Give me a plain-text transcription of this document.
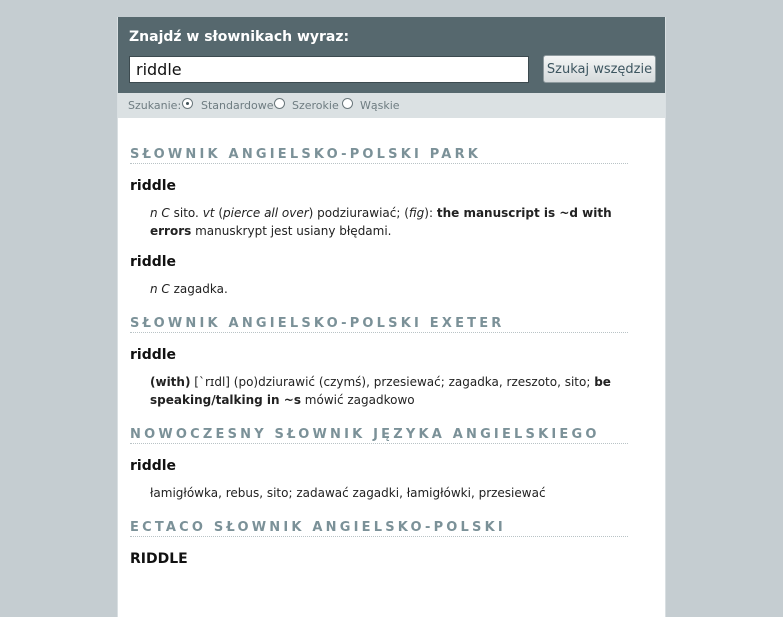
Znajdź w słownikach wyraz:
riddle
Szukaj wszędzie
Szukanie: Standardowe Szerokie Wąskie
SŁOWNIK ANGIELSKO-POLSKI PARK
riddle
n C sito. vt (pierce all over) podziurawiać; (fig): the manuscript is ~d with errors manuskrypt jest usiany błędami.
riddle
n C zagadka.
SŁOWNIK ANGIELSKO-POLSKI EXETER
riddle
(with) [`rɪdl] (po)dziurawić (czymś), przesiewać; zagadka, rzeszoto, sito; be speaking/talking in ~s mówić zagadkowo
NOWOCZESNY SŁOWNIK JĘZYKA ANGIELSKIEGO
riddle
łamigłówka, rebus, sito; zadawać zagadki, łamigłówki, przesiewać
ECTACO SŁOWNIK ANGIELSKO-POLSKI
RIDDLE
